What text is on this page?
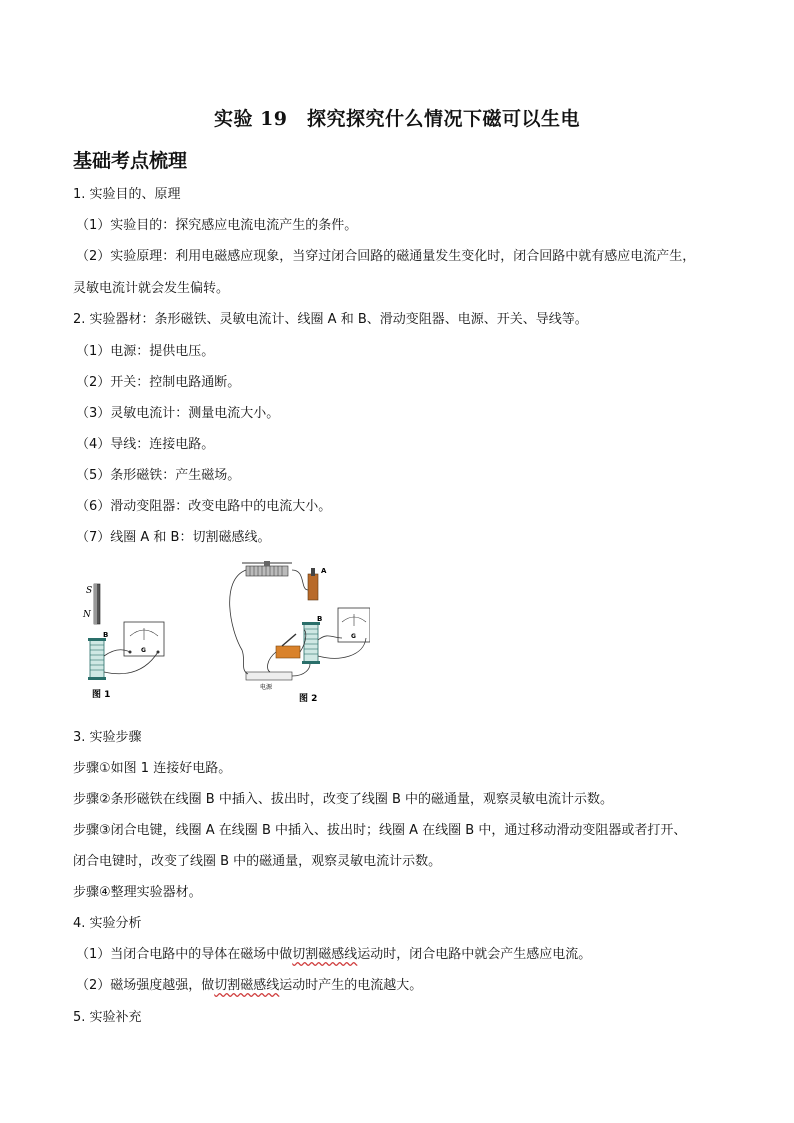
实验 19　探究探究什么情况下磁可以生电
基础考点梳理
1. 实验目的、原理
（1）实验目的：探究感应电流电流产生的条件。
（2）实验原理：利用电磁感应现象，当穿过闭合回路的磁通量发生变化时，闭合回路中就有感应电流产生，
灵敏电流计就会发生偏转。
2. 实验器材：条形磁铁、灵敏电流计、线圈 A 和 B、滑动变阻器、电源、开关、导线等。
（1）电源：提供电压。
（2）开关：控制电路通断。
（3）灵敏电流计：测量电流大小。
（4）导线：连接电路。
（5）条形磁铁：产生磁场。
（6）滑动变阻器：改变电路中的电流大小。
（7）线圈 A 和 B：切割磁感线。
S
N
B
G
图 1
A
B
G
电源
图 2
3. 实验步骤
步骤①如图 1 连接好电路。
步骤②条形磁铁在线圈 B 中插入、拔出时，改变了线圈 B 中的磁通量，观察灵敏电流计示数。
步骤③闭合电键，线圈 A 在线圈 B 中插入、拔出时；线圈 A 在线圈 B 中，通过移动滑动变阻器或者打开、
闭合电键时，改变了线圈 B 中的磁通量，观察灵敏电流计示数。
步骤④整理实验器材。
4. 实验分析
（1）当闭合电路中的导体在磁场中做切割磁感线运动时，闭合电路中就会产生感应电流。
（2）磁场强度越强，做切割磁感线运动时产生的电流越大。
5. 实验补充
